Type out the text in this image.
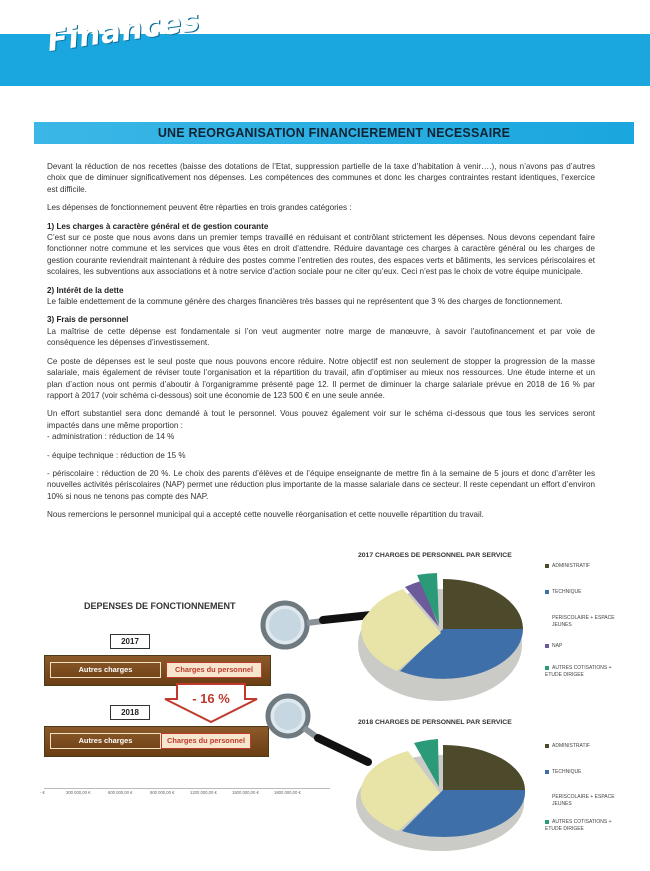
Finances
UNE REORGANISATION FINANCIEREMENT NECESSAIRE

Devant la réduction de nos recettes (baisse des dotations de l’Etat, suppression partielle de la taxe d’habitation à venir….), nous n’avons pas d’autres choix que de diminuer significativement nos dépenses. Les compétences des communes et donc les charges contraintes restant identiques, l’exercice est difficile.

Les dépenses de fonctionnement peuvent être réparties en trois grandes catégories :

1) Les charges à caractère général et de gestion courante

C’est sur ce poste que nous avons dans un premier temps travaillé en réduisant et contrôlant strictement les dépenses. Nous devons cependant faire fonctionner notre commune et les services que vous êtes en droit d’attendre. Réduire davantage ces charges à caractère général ou les charges de gestion courante reviendrait maintenant à réduire des postes comme l’entretien des routes, des espaces verts et bâtiments, les services périscolaires et scolaires, les subventions aux associations et à notre service d’action sociale pour ne citer qu’eux. Ceci n’est pas le choix de votre équipe municipale.

2) Intérêt de la dette

Le faible endettement de la commune génère des charges financières très basses qui ne représentent que 3 % des charges de fonctionnement.

3) Frais de personnel

La maîtrise de cette dépense est fondamentale si l’on veut augmenter notre marge de manœuvre, à savoir l’autofinancement et par voie de conséquence les dépenses d’investissement.

Ce poste de dépenses est le seul poste que nous pouvons encore réduire. Notre objectif est non seulement de stopper la progression de la masse salariale, mais également de réviser toute l’organisation et la répartition du travail, afin d’optimiser au mieux nos ressources. Une étude interne et un plan d’action nous ont permis d’aboutir à l’organigramme présenté page 12. Il permet de diminuer la charge salariale prévue en 2018 de 16 % par rapport à 2017 (voir schéma ci-dessous) soit une économie de 123 500 € en une seule année.

Un effort substantiel sera donc demandé à tout le personnel. Vous pouvez également voir sur le schéma ci-dessous que tous les services seront impactés dans une même proportion :

- administration : réduction de 14 %

- équipe technique : réduction de 15 %

- périscolaire : réduction de 20 %. Le choix des parents d’élèves et de l’équipe enseignante de mettre fin à la semaine de 5 jours et donc d’arrêter les nouvelles activités périscolaires (NAP) permet une réduction plus importante de la masse salariale dans ce secteur. Il reste cependant un effort d’environ 10% si nous ne tenons pas compte des NAP.

Nous remercions le personnel municipal qui a accepté cette nouvelle réorganisation et cette nouvelle répartition du travail.

DEPENSES DE FONCTIONNEMENT
2017
Autres charges	Charges du personnel
- 16 %
2018
Autres charges	Charges du personnel
- €	300 000,00 €	600 000,00 €	900 000,00 €	1200 000,00 €	1500 000,00 €	1800 000,00 €
2017 CHARGES DE PERSONNEL PAR SERVICE
ADMINISTRATIF
TECHNIQUE
PERISCOLAIRE + ESPACE JEUNES
NAP
AUTRES COTISATIONS + ETUDE DIRIGEE
2018 CHARGES DE PERSONNEL PAR SERVICE
ADMINISTRATIF
TECHNIQUE
PERISCOLAIRE + ESPACE JEUNES
AUTRES COTISATIONS + ETUDE DIRIGEE
